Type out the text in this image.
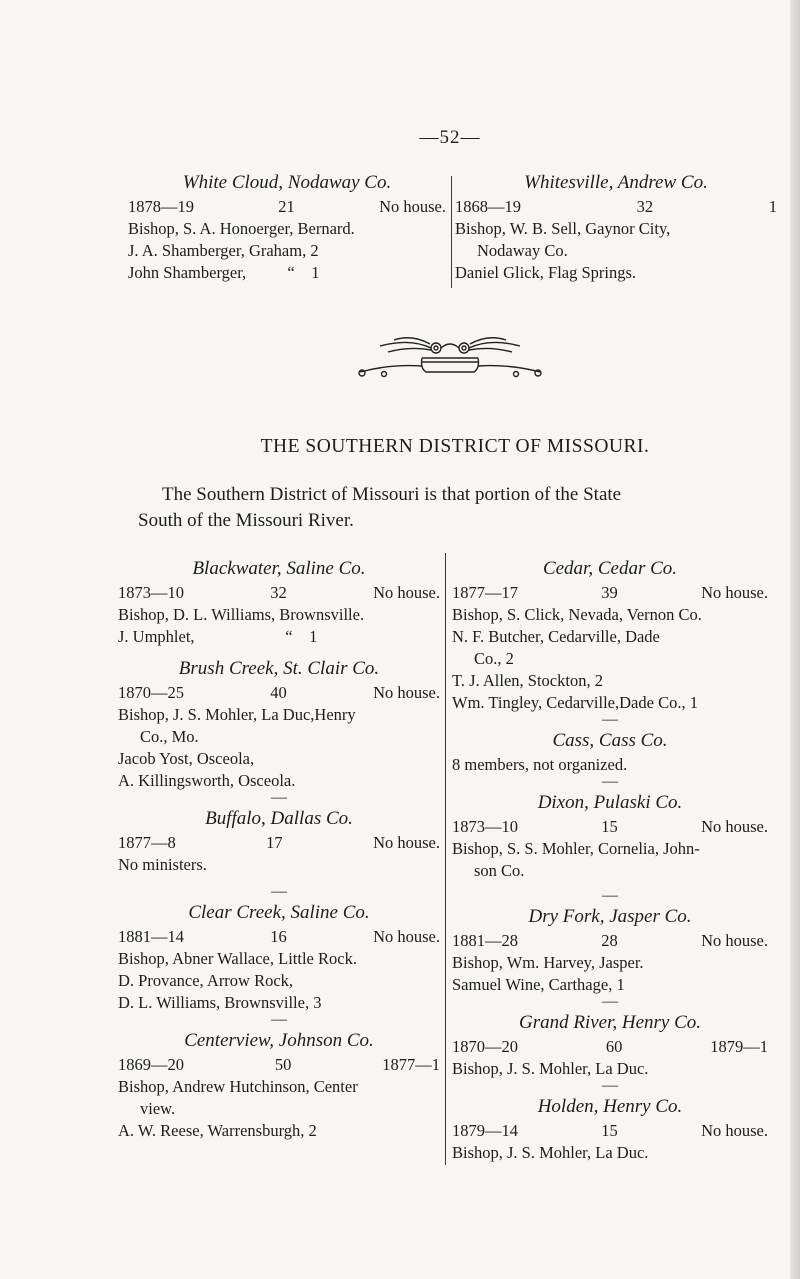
—52—
White Cloud, Nodaway Co.
1878—19	21	No house.
Bishop, S. A. Honoerger, Bernard.
J. A. Shamberger, Graham, 2
John Shamberger,          “    1
Whitesville, Andrew Co.
1868—19	32	1
Bishop, W. B. Sell, Gaynor City,
Nodaway Co.
Daniel Glick, Flag Springs.
THE SOUTHERN DISTRICT OF MISSOURI.
The Southern District of Missouri is that portion of the State
South of the Missouri River.
Blackwater, Saline Co.
1873—10	32	No house.
Bishop, D. L. Williams, Brownsville.
J. Umphlet,                      “    1
Brush Creek, St. Clair Co.
1870—25	40	No house.
Bishop, J. S. Mohler, La Duc,Henry
Co., Mo.
Jacob Yost, Osceola,
A. Killingsworth, Osceola.
—
Buffalo, Dallas Co.
1877—8	17	No house.
No ministers.
—
Clear Creek, Saline Co.
1881—14	16	No house.
Bishop, Abner Wallace, Little Rock.
D. Provance, Arrow Rock,
D. L. Williams, Brownsville, 3
—
Centerview, Johnson Co.
1869—20	50	1877—1
Bishop, Andrew Hutchinson, Center
view.
A. W. Reese, Warrensburgh, 2
Cedar, Cedar Co.
1877—17	39	No house.
Bishop, S. Click, Nevada, Vernon Co.
N. F. Butcher, Cedarville, Dade
Co., 2
T. J. Allen, Stockton, 2
Wm. Tingley, Cedarville,Dade Co., 1
—
Cass, Cass Co.
8 members, not organized.
—
Dixon, Pulaski Co.
1873—10	15	No house.
Bishop, S. S. Mohler, Cornelia, John-
son Co.
—
Dry Fork, Jasper Co.
1881—28	28	No house.
Bishop, Wm. Harvey, Jasper.
Samuel Wine, Carthage, 1
—
Grand River, Henry Co.
1870—20	60	1879—1
Bishop, J. S. Mohler, La Duc.
—
Holden, Henry Co.
1879—14	15	No house.
Bishop, J. S. Mohler, La Duc.
